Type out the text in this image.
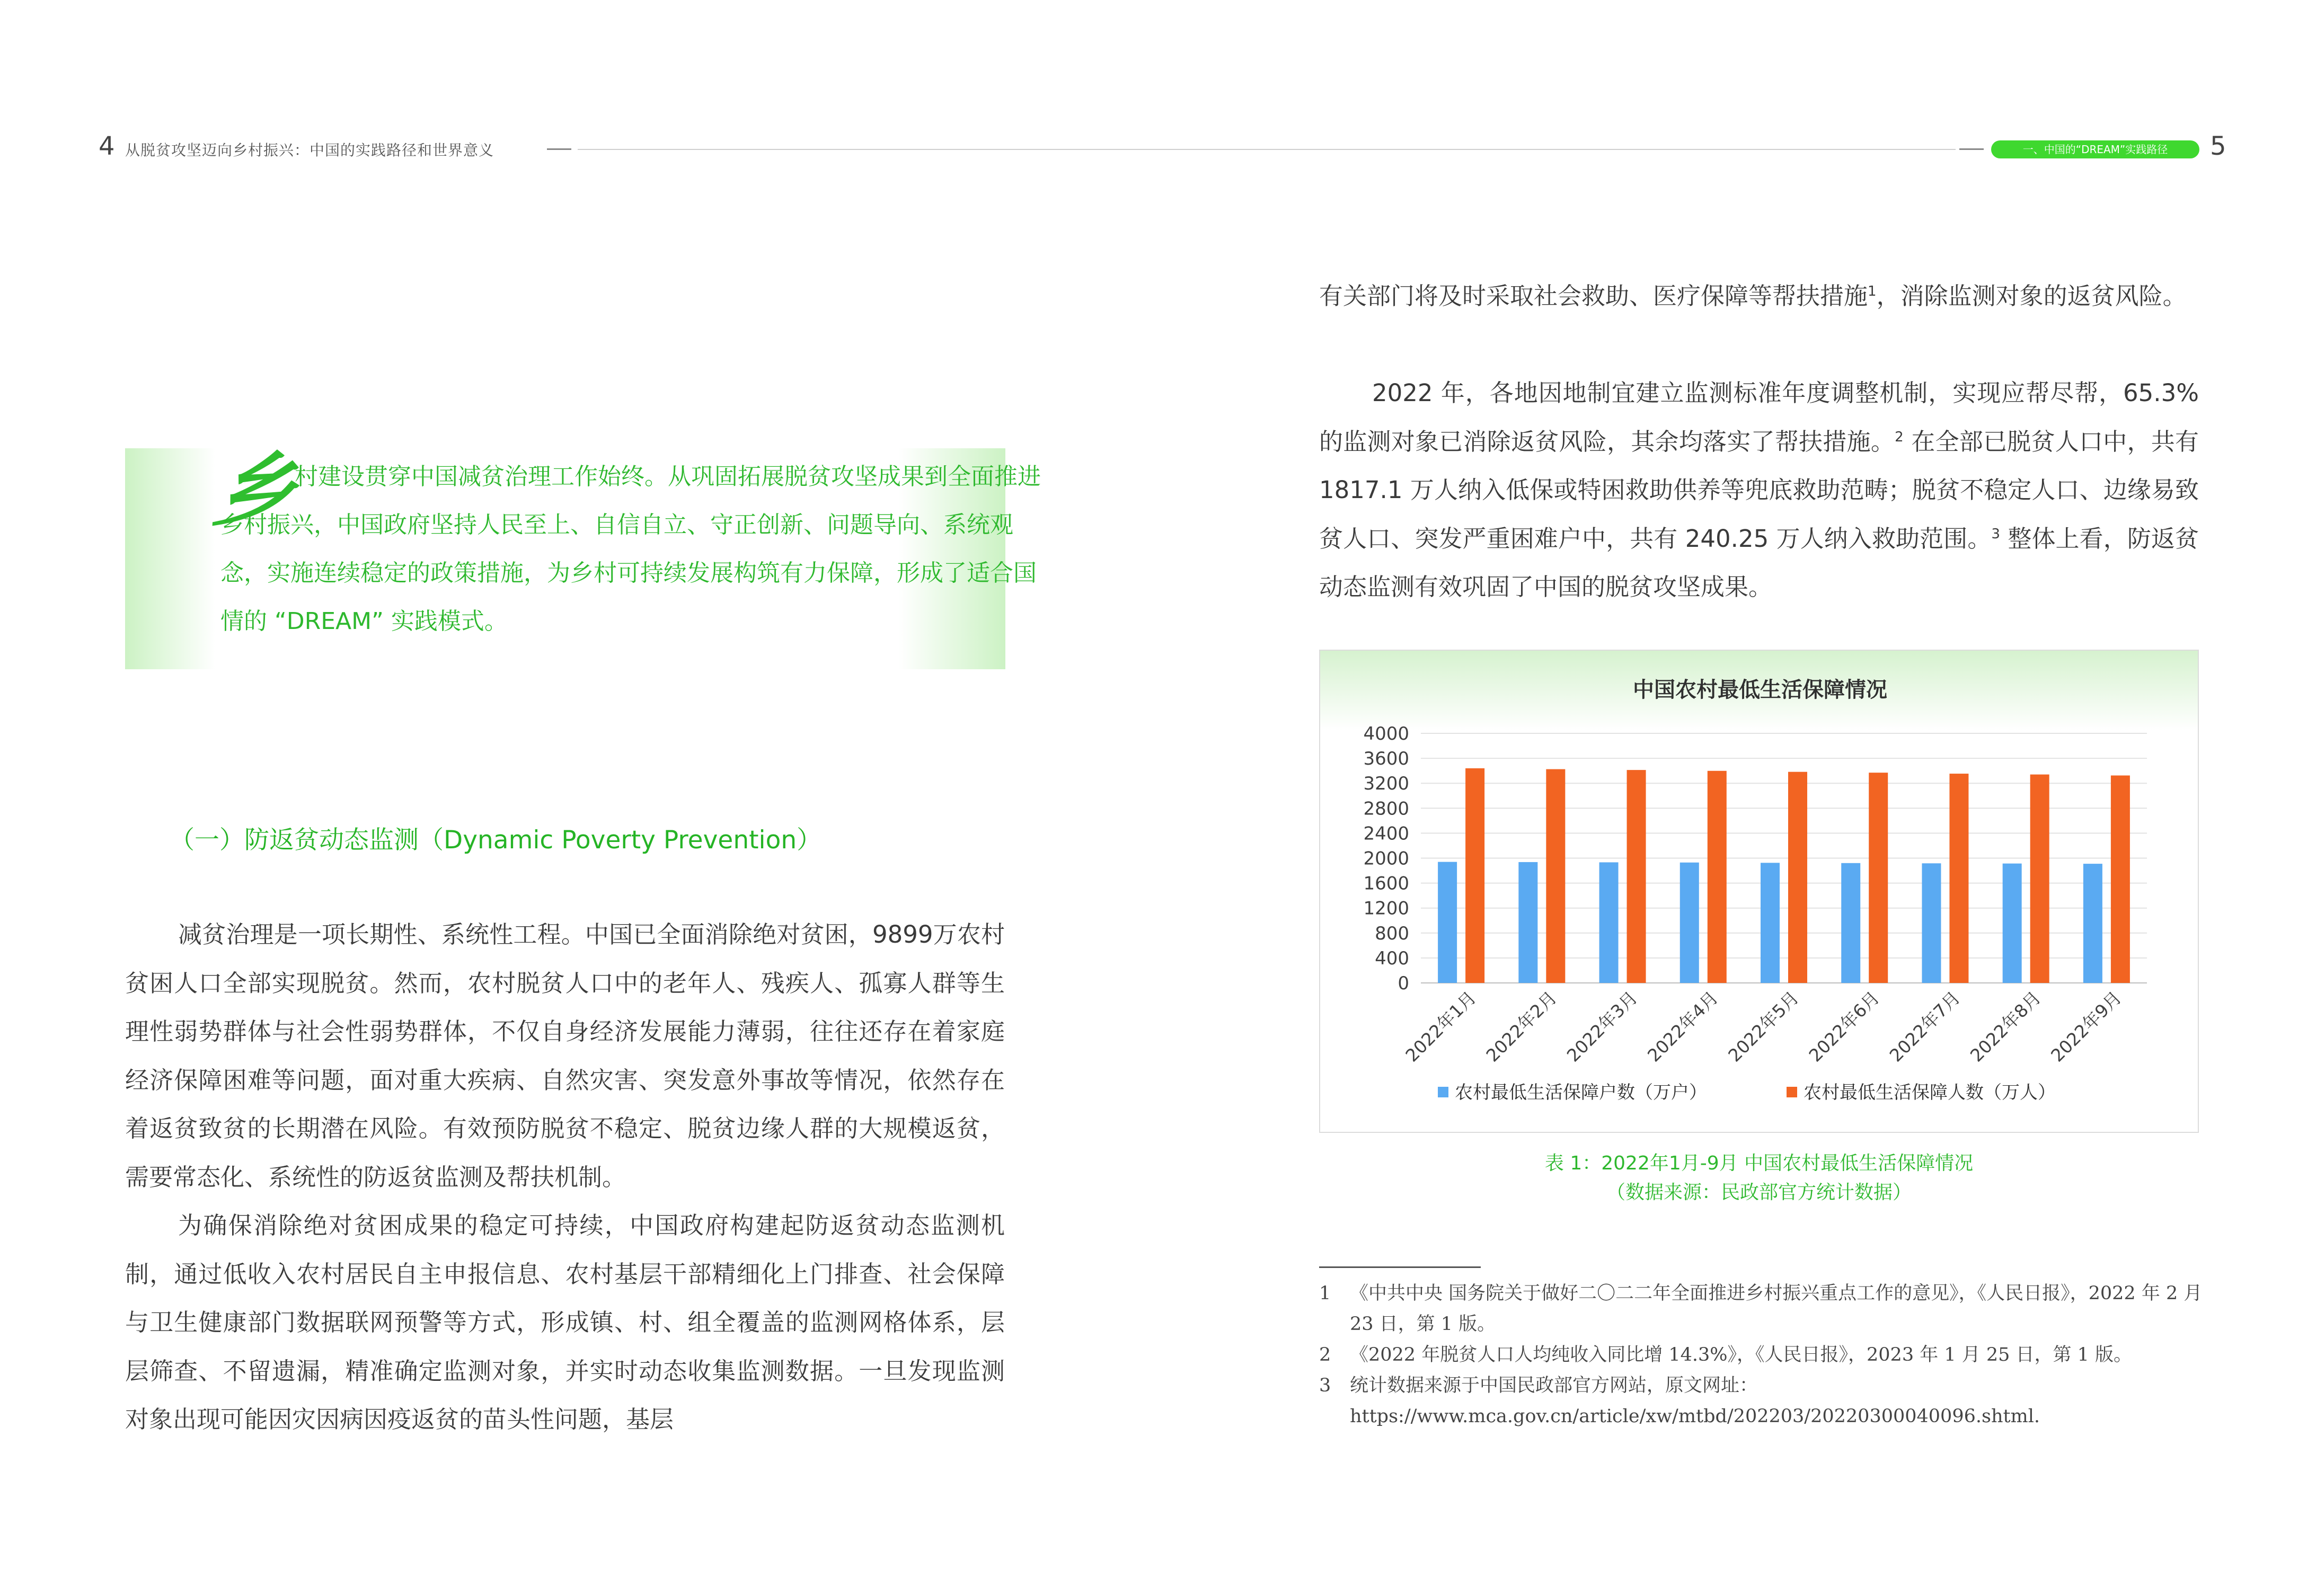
4 从脱贫攻坚迈向乡村振兴：中国的实践路径和世界意义	一、中国的“DREAM”实践路径	5
乡
村建设贯穿中国减贫治理工作始终。从巩固拓展脱贫攻坚成果到全面推进乡村振兴，中国政府坚持人民至上、自信自立、守正创新、问题导向、系统观念，实施连续稳定的政策措施，为乡村可持续发展构筑有力保障，形成了适合国情的 “DREAM” 实践模式。
（一）防返贫动态监测（Dynamic Poverty Prevention）
减贫治理是一项长期性、系统性工程。中国已全面消除绝对贫困，9899万农村贫困人口全部实现脱贫。然而，农村脱贫人口中的老年人、残疾人、孤寡人群等生理性弱势群体与社会性弱势群体，不仅自身经济发展能力薄弱，往往还存在着家庭经济保障困难等问题，面对重大疾病、自然灾害、突发意外事故等情况，依然存在着返贫致贫的长期潜在风险。有效预防脱贫不稳定、脱贫边缘人群的大规模返贫，需要常态化、系统性的防返贫监测及帮扶机制。
为确保消除绝对贫困成果的稳定可持续，中国政府构建起防返贫动态监测机制，通过低收入农村居民自主申报信息、农村基层干部精细化上门排查、社会保障与卫生健康部门数据联网预警等方式，形成镇、村、组全覆盖的监测网格体系，层层筛查、不留遗漏，精准确定监测对象，并实时动态收集监测数据。一旦发现监测对象出现可能因灾因病因疫返贫的苗头性问题，基层
有关部门将及时采取社会救助、医疗保障等帮扶措施$^1$，消除监测对象的返贫风险。
2022 年，各地因地制宜建立监测标准年度调整机制，实现应帮尽帮，65.3% 的监测对象已消除返贫风险，其余均落实了帮扶措施。$^2$ 在全部已脱贫人口中，共有 1817.1 万人纳入低保或特困救助供养等兜底救助范畴；脱贫不稳定人口、边缘易致贫人口、突发严重困难户中，共有 240.25 万人纳入救助范围。$^3$ 整体上看，防返贫动态监测有效巩固了中国的脱贫攻坚成果。
中国农村最低生活保障情况
0
400
800
1200
1600
2000
2400
2800
3200
3600
4000
2022年1月 2022年2月 2022年3月 2022年4月 2022年5月 2022年6月 2022年7月 2022年8月 2022年9月
农村最低生活保障户数（万户）	农村最低生活保障人数（万人）
表 1：2022年1月-9月 中国农村最低生活保障情况
（数据来源：民政部官方统计数据）
1 《中共中央 国务院关于做好二〇二二年全面推进乡村振兴重点工作的意见》，《人民日报》，2022 年 2 月 23 日，第 1 版。
2 《2022 年脱贫人口人均纯收入同比增 14.3%》，《人民日报》，2023 年 1 月 25 日，第 1 版。
3 统计数据来源于中国民政部官方网站，原文网址：https://www.mca.gov.cn/article/xw/mtbd/202203/20220300040096.shtml.
